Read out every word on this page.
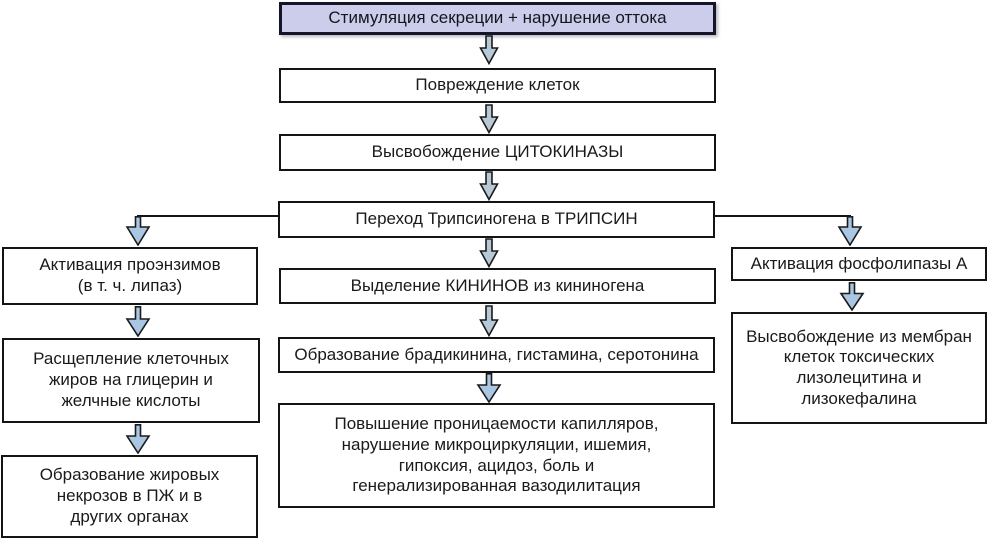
Стимуляция секреции + нарушение оттока
Повреждение клеток
Высвобождение ЦИТОКИНАЗЫ
Переход Трипсиногена в ТРИПСИН
Выделение КИНИНОВ из кининогена
Образование брадикинина, гистамина, серотонина
Повышение проницаемости капилляров,
нарушение микроциркуляции, ишемия,
гипоксия, ацидоз, боль и
генерализированная вазодилитация
Активация проэнзимов
(в т. ч. липаз)
Расщепление клеточных
жиров на глицерин и
желчные кислоты
Образование жировых
некрозов в ПЖ и в
других органах
Активация фосфолипазы А
Высвобождение из мембран
клеток токсических
лизолецитина и
лизокефалина
